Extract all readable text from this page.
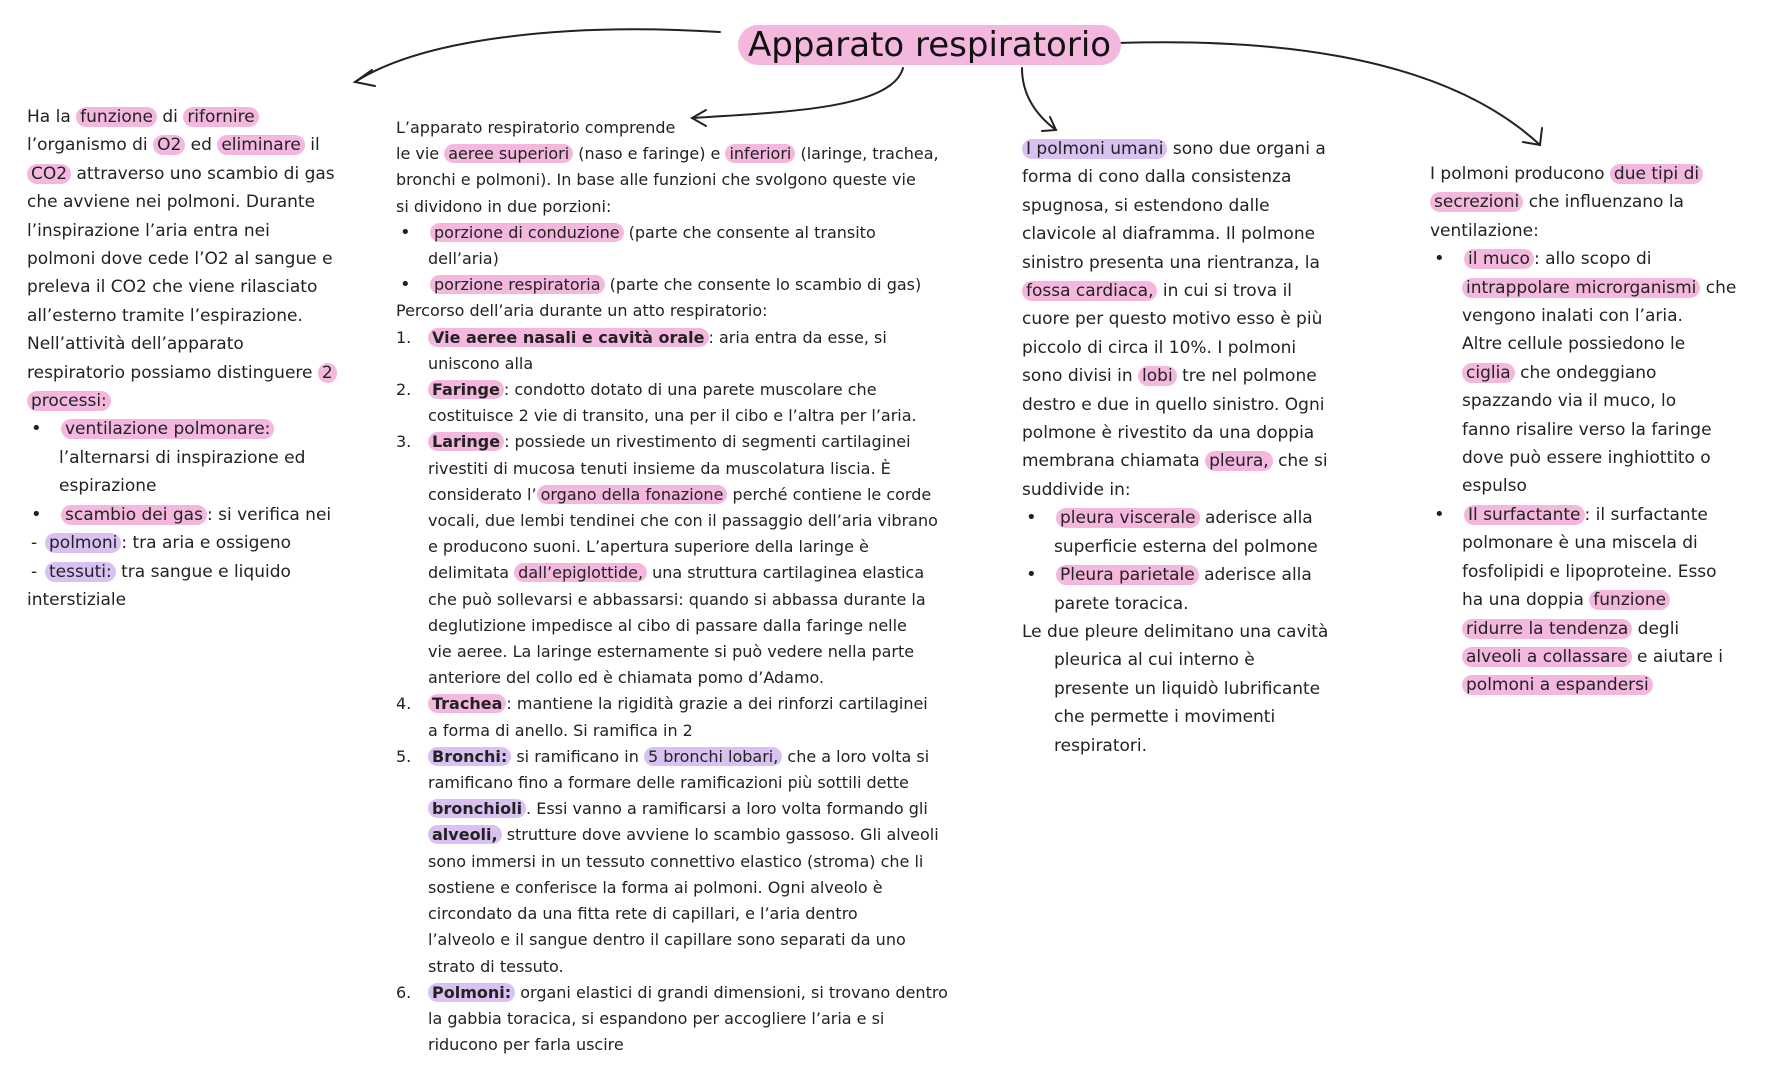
Apparato respiratorio

Ha la funzione di rifornire

l’organismo di O2 ed eliminare il

CO2 attraverso uno scambio di gas

che avviene nei polmoni. Durante

l’inspirazione l’aria entra nei

polmoni dove cede l’O2 al sangue e

preleva il CO2 che viene rilasciato

all’esterno tramite l’espirazione.

Nell’attività dell’apparato

respiratorio possiamo distinguere 2

processi:

• ventilazione polmonare:

l’alternarsi di inspirazione ed

espirazione

• scambio dei gas : si verifica nei

- polmoni : tra aria e ossigeno

- tessuti: tra sangue e liquido

interstiziale

L’apparato respiratorio comprende

le vie aeree superiori (naso e faringe) e inferiori (laringe, trachea,

bronchi e polmoni). In base alle funzioni che svolgono queste vie

si dividono in due porzioni:

• porzione di conduzione (parte che consente al transito

dell’aria)

• porzione respiratoria (parte che consente lo scambio di gas)

Percorso dell’aria durante un atto respiratorio:

1. Vie aeree nasali e cavità orale : aria entra da esse, si

uniscono alla

2. Faringe : condotto dotato di una parete muscolare che

costituisce 2 vie di transito, una per il cibo e l’altra per l’aria.

3. Laringe : possiede un rivestimento di segmenti cartilaginei

rivestiti di mucosa tenuti insieme da muscolatura liscia. È

considerato l’ organo della fonazione perché contiene le corde

vocali, due lembi tendinei che con il passaggio dell’aria vibrano

e producono suoni. L’apertura superiore della laringe è

delimitata dall’epiglottide, una struttura cartilaginea elastica

che può sollevarsi e abbassarsi: quando si abbassa durante la

deglutizione impedisce al cibo di passare dalla faringe nelle

vie aeree. La laringe esternamente si può vedere nella parte

anteriore del collo ed è chiamata pomo d’Adamo.

4. Trachea : mantiene la rigidità grazie a dei rinforzi cartilaginei

a forma di anello. Si ramifica in 2

5. Bronchi: si ramificano in 5 bronchi lobari, che a loro volta si

ramificano fino a formare delle ramificazioni più sottili dette

bronchioli . Essi vanno a ramificarsi a loro volta formando gli

alveoli, strutture dove avviene lo scambio gassoso. Gli alveoli

sono immersi in un tessuto connettivo elastico (stroma) che li

sostiene e conferisce la forma ai polmoni. Ogni alveolo è

circondato da una fitta rete di capillari, e l’aria dentro

l’alveolo e il sangue dentro il capillare sono separati da uno

strato di tessuto.

6. Polmoni: organi elastici di grandi dimensioni, si trovano dentro

la gabbia toracica, si espandono per accogliere l’aria e si

riducono per farla uscire

I polmoni umani sono due organi a

forma di cono dalla consistenza

spugnosa, si estendono dalle

clavicole al diaframma. Il polmone

sinistro presenta una rientranza, la

fossa cardiaca, in cui si trova il

cuore per questo motivo esso è più

piccolo di circa il 10%. I polmoni

sono divisi in lobi tre nel polmone

destro e due in quello sinistro. Ogni

polmone è rivestito da una doppia

membrana chiamata pleura, che si

suddivide in:

• pleura viscerale aderisce alla

superficie esterna del polmone

• Pleura parietale aderisce alla

parete toracica.

Le due pleure delimitano una cavità

pleurica al cui interno è

presente un liquidò lubrificante

che permette i movimenti

respiratori.

I polmoni producono due tipi di

secrezioni che influenzano la

ventilazione:

• il muco : allo scopo di

intrappolare microrganismi che

vengono inalati con l’aria.

Altre cellule possiedono le

ciglia che ondeggiano

spazzando via il muco, lo

fanno risalire verso la faringe

dove può essere inghiottito o

espulso

• Il surfactante : il surfactante

polmonare è una miscela di

fosfolipidi e lipoproteine. Esso

ha una doppia funzione

ridurre la tendenza degli

alveoli a collassare e aiutare i

polmoni a espandersi
